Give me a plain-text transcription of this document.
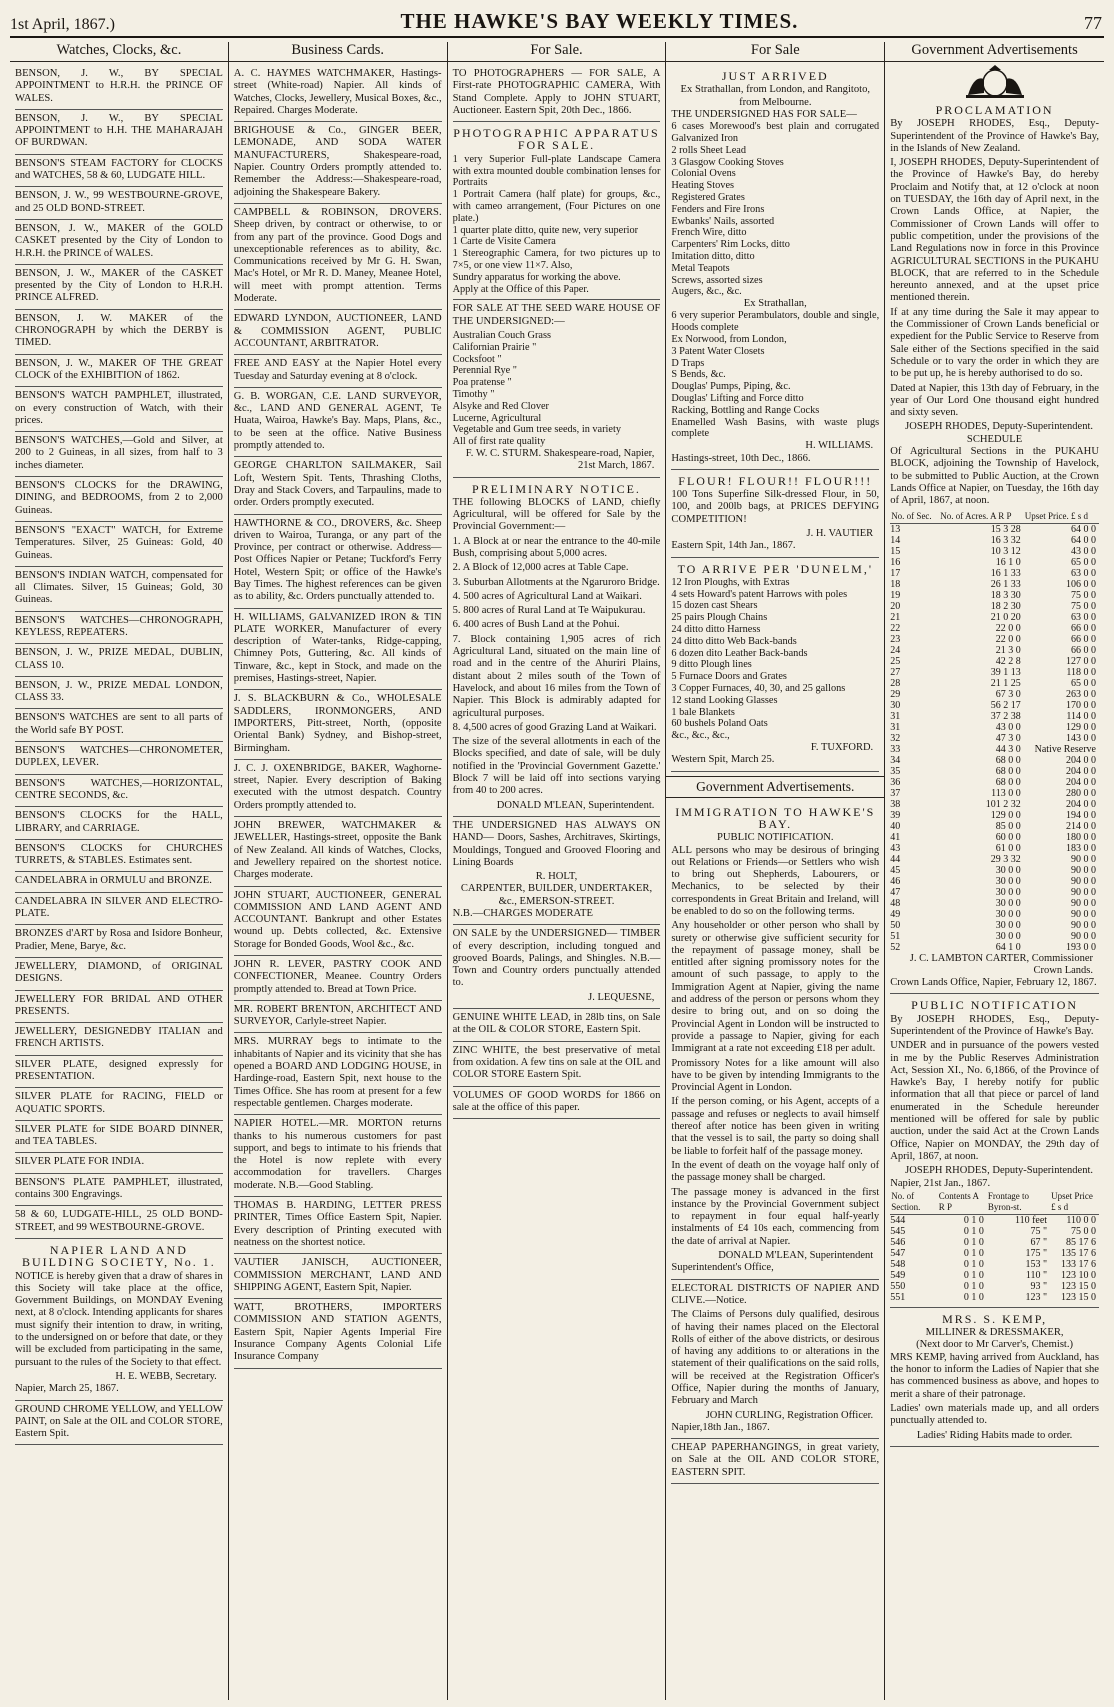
1st April, 1867.)	THE HAWKE'S BAY WEEKLY TIMES.	77
Watches, Clocks, &c.
BENSON, J. W., BY SPECIAL APPOINTMENT to H.R.H. the PRINCE OF WALES.
BENSON, J. W., BY SPECIAL APPOINTMENT to H.H. THE MAHARAJAH OF BURDWAN.
BENSON'S STEAM FACTORY for CLOCKS and WATCHES, 58 & 60, LUDGATE HILL.
BENSON, J. W., 99 WESTBOURNE-GROVE, and 25 OLD BOND-STREET.
BENSON, J. W., MAKER of the GOLD CASKET presented by the City of London to H.R.H. the PRINCE of WALES.
BENSON, J. W., MAKER of the CASKET presented by the City of London to H.R.H. PRINCE ALFRED.
BENSON, J. W. MAKER of the CHRONOGRAPH by which the DERBY is TIMED.
BENSON, J. W., MAKER OF THE GREAT CLOCK of the EXHIBITION of 1862.
BENSON'S WATCH PAMPHLET, illustrated, on every construction of Watch, with their prices.
BENSON'S WATCHES,—Gold and Silver, at 200 to 2 Guineas, in all sizes, from half to 3 inches diameter.
BENSON'S CLOCKS for the DRAWING, DINING, and BEDROOMS, from 2 to 2,000 Guineas.
BENSON'S "EXACT" WATCH, for Extreme Temperatures. Silver, 25 Guineas: Gold, 40 Guineas.
BENSON'S INDIAN WATCH, compensated for all Climates. Silver, 15 Guineas; Gold, 30 Guineas.
BENSON'S WATCHES—CHRONOGRAPH, KEYLESS, REPEATERS.
BENSON, J. W., PRIZE MEDAL, DUBLIN, CLASS 10.
BENSON, J. W., PRIZE MEDAL LONDON, CLASS 33.
BENSON'S WATCHES are sent to all parts of the World safe BY POST.
BENSON'S WATCHES—CHRONOMETER, DUPLEX, LEVER.
BENSON'S WATCHES,—HORIZONTAL, CENTRE SECONDS, &c.
BENSON'S CLOCKS for the HALL, LIBRARY, and CARRIAGE.
BENSON'S CLOCKS for CHURCHES TURRETS, & STABLES. Estimates sent.
CANDELABRA in ORMULU and BRONZE.
CANDELABRA IN SILVER AND ELECTRO-PLATE.
BRONZES d'ART by Rosa and Isidore Bonheur, Pradier, Mene, Barye, &c.
JEWELLERY, DIAMOND, of ORIGINAL DESIGNS.
JEWELLERY FOR BRIDAL AND OTHER PRESENTS.
JEWELLERY, DESIGNEDBY ITALIAN and FRENCH ARTISTS.
SILVER PLATE, designed expressly for PRESENTATION.
SILVER PLATE for RACING, FIELD or AQUATIC SPORTS.
SILVER PLATE for SIDE BOARD DINNER, and TEA TABLES.
SILVER PLATE FOR INDIA.
BENSON'S PLATE PAMPHLET, illustrated, contains 300 Engravings.
58 & 60, LUDGATE-HILL, 25 OLD BOND-STREET, and 99 WESTBOURNE-GROVE.
NAPIER LAND AND BUILDING SOCIETY, No. 1.
NOTICE is hereby given that a draw of shares in this Society will take place at the office, Government Buildings, on MONDAY Evening next, at 8 o'clock. Intending applicants for shares must signify their intention to draw, in writing, to the undersigned on or before that date, or they will be excluded from participating in the same, pursuant to the rules of the Society to that effect.
H. E. WEBB, Secretary.
Napier, March 25, 1867.
GROUND CHROME YELLOW, and YELLOW PAINT, on Sale at the OIL and COLOR STORE, Eastern Spit.
Business Cards.
A. C. HAYMES WATCHMAKER, Hastings-street (White-road) Napier. All kinds of Watches, Clocks, Jewellery, Musical Boxes, &c., Repaired. Charges Moderate.
BRIGHOUSE & Co., GINGER BEER, LEMONADE, AND SODA WATER MANUFACTURERS, Shakespeare-road, Napier. Country Orders promptly attended to. Remember the Address:—Shakespeare-road, adjoining the Shakespeare Bakery.
CAMPBELL & ROBINSON, DROVERS. Sheep driven, by contract or otherwise, to or from any part of the province. Good Dogs and unexceptionable references as to ability, &c. Communications received by Mr G. H. Swan, Mac's Hotel, or Mr R. D. Maney, Meanee Hotel, will meet with prompt attention. Terms Moderate.
EDWARD LYNDON, AUCTIONEER, LAND & COMMISSION AGENT, PUBLIC ACCOUNTANT, ARBITRATOR.
FREE AND EASY at the Napier Hotel every Tuesday and Saturday evening at 8 o'clock.
G. B. WORGAN, C.E. LAND SURVEYOR, &c., LAND AND GENERAL AGENT, Te Huata, Wairoa, Hawke's Bay. Maps, Plans, &c., to be seen at the office. Native Business promptly attended to.
GEORGE CHARLTON SAILMAKER, Sail Loft, Western Spit. Tents, Thrashing Cloths, Dray and Stack Covers, and Tarpaulins, made to order. Orders promptly executed.
HAWTHORNE & CO., DROVERS, &c. Sheep driven to Wairoa, Turanga, or any part of the Province, per contract or otherwise. Address—Post Offices Napier or Petane; Tuckford's Ferry Hotel, Western Spit; or office of the Hawke's Bay Times. The highest references can be given as to ability, &c. Orders punctually attended to.
H. WILLIAMS, GALVANIZED IRON & TIN PLATE WORKER, Manufacturer of every description of Water-tanks, Ridge-capping, Chimney Pots, Guttering, &c. All kinds of Tinware, &c., kept in Stock, and made on the premises, Hastings-street, Napier.
J. S. BLACKBURN & Co., WHOLESALE SADDLERS, IRONMONGERS, AND IMPORTERS, Pitt-street, North, (opposite Oriental Bank) Sydney, and Bishop-street, Birmingham.
J. C. J. OXENBRIDGE, BAKER, Waghorne-street, Napier. Every description of Baking executed with the utmost despatch. Country Orders promptly attended to.
JOHN BREWER, WATCHMAKER & JEWELLER, Hastings-street, opposite the Bank of New Zealand. All kinds of Watches, Clocks, and Jewellery repaired on the shortest notice. Charges moderate.
JOHN STUART, AUCTIONEER, GENERAL COMMISSION AND LAND AGENT AND ACCOUNTANT. Bankrupt and other Estates wound up. Debts collected, &c. Extensive Storage for Bonded Goods, Wool &c., &c.
JOHN R. LEVER, PASTRY COOK AND CONFECTIONER, Meanee. Country Orders promptly attended to. Bread at Town Price.
MR. ROBERT BRENTON, ARCHITECT AND SURVEYOR, Carlyle-street Napier.
MRS. MURRAY begs to intimate to the inhabitants of Napier and its vicinity that she has opened a BOARD AND LODGING HOUSE, in Hardinge-road, Eastern Spit, next house to the Times Office. She has room at present for a few respectable gentlemen. Charges moderate.
NAPIER HOTEL.—MR. MORTON returns thanks to his numerous customers for past support, and begs to intimate to his friends that the Hotel is now replete with every accommodation for travellers. Charges moderate. N.B.—Good Stabling.
THOMAS B. HARDING, LETTER PRESS PRINTER, Times Office Eastern Spit, Napier. Every description of Printing executed with neatness on the shortest notice.
VAUTIER JANISCH, AUCTIONEER, COMMISSION MERCHANT, LAND AND SHIPPING AGENT, Eastern Spit, Napier.
WATT, BROTHERS, IMPORTERS COMMISSION AND STATION AGENTS, Eastern Spit, Napier Agents Imperial Fire Insurance Company Agents Colonial Life Insurance Company
For Sale.
TO PHOTOGRAPHERS — FOR SALE, A First-rate PHOTOGRAPHIC CAMERA, With Stand Complete. Apply to JOHN STUART, Auctioneer. Eastern Spit, 20th Dec., 1866.
PHOTOGRAPHIC APPARATUS FOR SALE.
1 very Superior Full-plate Landscape Camera with extra mounted double combination lenses for Portraits
1 Portrait Camera (half plate) for groups, &c., with cameo arrangement, (Four Pictures on one plate.)
1 quarter plate ditto, quite new, very superior
1 Carte de Visite Camera
1 Stereographic Camera, for two pictures up to 7×5, or one view 11×7. Also,
Sundry apparatus for working the above.
Apply at the Office of this Paper.
FOR SALE AT THE SEED WARE HOUSE OF THE UNDERSIGNED:—
Australian Couch Grass
Californian Prairie "
Cocksfoot "
Perennial Rye "
Poa pratense "
Timothy "
Alsyke and Red Clover
Lucerne, Agricultural
Vegetable and Gum tree seeds, in variety
All of first rate quality
F. W. C. STURM. Shakespeare-road, Napier, 21st March, 1867.
PRELIMINARY NOTICE.
THE following BLOCKS of LAND, chiefly Agricultural, will be offered for Sale by the Provincial Government:—
1. A Block at or near the entrance to the 40-mile Bush, comprising about 5,000 acres.
2. A Block of 12,000 acres at Table Cape.
3. Suburban Allotments at the Ngaruroro Bridge.
4. 500 acres of Agricultural Land at Waikari.
5. 800 acres of Rural Land at Te Waipukurau.
6. 400 acres of Bush Land at the Pohui.
7. Block containing 1,905 acres of rich Agricultural Land, situated on the main line of road and in the centre of the Ahuriri Plains, distant about 2 miles south of the Town of Havelock, and about 16 miles from the Town of Napier. This Block is admirably adapted for agricultural purposes.
8. 4,500 acres of good Grazing Land at Waikari.
The size of the several allotments in each of the Blocks specified, and date of sale, will be duly notified in the 'Provincial Government Gazette.' Block 7 will be laid off into sections varying from 40 to 200 acres.
DONALD M'LEAN, Superintendent.
THE UNDERSIGNED HAS ALWAYS ON HAND— Doors, Sashes, Architraves, Skirtings, Mouldings, Tongued and Grooved Flooring and Lining Boards
R. HOLT,
CARPENTER, BUILDER, UNDERTAKER, &c., EMERSON-STREET.
N.B.—CHARGES MODERATE
ON SALE by the UNDERSIGNED— TIMBER of every description, including tongued and grooved Boards, Palings, and Shingles. N.B.—Town and Country orders punctually attended to.
J. LEQUESNE,
GENUINE WHITE LEAD, in 28lb tins, on Sale at the OIL & COLOR STORE, Eastern Spit.
ZINC WHITE, the best preservative of metal from oxidation. A few tins on sale at the OIL and COLOR STORE Eastern Spit.
VOLUMES OF GOOD WORDS for 1866 on sale at the office of this paper.
For Sale
JUST ARRIVED
Ex Strathallan, from London, and Rangitoto, from Melbourne.
THE UNDERSIGNED HAS FOR SALE—
6 cases Morewood's best plain and corrugated Galvanized Iron
2 rolls Sheet Lead
3 Glasgow Cooking Stoves
Colonial Ovens
Heating Stoves
Registered Grates
Fenders and Fire Irons
Ewbanks' Nails, assorted
French Wire, ditto
Carpenters' Rim Locks, ditto
Imitation ditto, ditto
Metal Teapots
Screws, assorted sizes
Augers, &c., &c.
Ex Strathallan,
6 very superior Perambulators, double and single, Hoods complete
Ex Norwood, from London,
3 Patent Water Closets
D Traps
S Bends, &c.
Douglas' Pumps, Piping, &c.
Douglas' Lifting and Force ditto
Racking, Bottling and Range Cocks
Enamelled Wash Basins, with waste plugs complete
H. WILLIAMS.
Hastings-street, 10th Dec., 1866.
FLOUR! FLOUR!! FLOUR!!!
100 Tons Superfine Silk-dressed Flour, in 50, 100, and 200lb bags, at PRICES DEFYING COMPETITION!
J. H. VAUTIER
Eastern Spit, 14th Jan., 1867.
TO ARRIVE PER 'DUNELM,'
12 Iron Ploughs, with Extras
4 sets Howard's patent Harrows with poles
15 dozen cast Shears
25 pairs Plough Chains
24 ditto ditto Harness
24 ditto ditto Web Back-bands
6 dozen dito Leather Back-bands
9 ditto Plough lines
5 Furnace Doors and Grates
3 Copper Furnaces, 40, 30, and 25 gallons
12 stand Looking Glasses
1 bale Blankets
60 bushels Poland Oats
&c., &c., &c.,
F. TUXFORD.
Western Spit, March 25.
Government Advertisements.
IMMIGRATION TO HAWKE'S BAY.
PUBLIC NOTIFICATION.
ALL persons who may be desirous of bringing out Relations or Friends—or Settlers who wish to bring out Shepherds, Labourers, or Mechanics, to be selected by their correspondents in Great Britain and Ireland, will be enabled to do so on the following terms.
Any householder or other person who shall by surety or otherwise give sufficient security for the repayment of passage money, shall be entitled after signing promissory notes for the amount of such passage, to apply to the Immigration Agent at Napier, giving the name and address of the person or persons whom they desire to bring out, and on so doing the Provincial Agent in London will be instructed to provide a passage to Napier, giving for each Immigrant at a rate not exceeding £18 per adult.
Promissory Notes for a like amount will also have to be given by intending Immigrants to the Provincial Agent in London.
If the person coming, or his Agent, accepts of a passage and refuses or neglects to avail himself thereof after notice has been given in writing that the vessel is to sail, the party so doing shall be liable to forfeit half of the passage money.
In the event of death on the voyage half only of the passage money shall be charged.
The passage money is advanced in the first instance by the Provincial Government subject to repayment in four equal half-yearly instalments of £4 10s each, commencing from the date of arrival at Napier.
DONALD M'LEAN, Superintendent
Superintendent's Office,
ELECTORAL DISTRICTS OF NAPIER AND CLIVE.—Notice.
The Claims of Persons duly qualified, desirous of having their names placed on the Electoral Rolls of either of the above districts, or desirous of having any additions to or alterations in the statement of their qualifications on the said rolls, will be received at the Registration Officer's Office, Napier during the months of January, February and March
JOHN CURLING, Registration Officer.
Napier,18th Jan., 1867.
CHEAP PAPERHANGINGS, in great variety, on Sale at the OIL AND COLOR STORE, EASTERN SPIT.
Government Advertisements
PROCLAMATION
By JOSEPH RHODES, Esq., Deputy-Superintendent of the Province of Hawke's Bay, in the Islands of New Zealand.
I, JOSEPH RHODES, Deputy-Superintendent of the Province of Hawke's Bay, do hereby Proclaim and Notify that, at 12 o'clock at noon on TUESDAY, the 16th day of April next, in the Crown Lands Office, at Napier, the Commissioner of Crown Lands will offer to public competition, under the provisions of the Land Regulations now in force in this Province AGRICULTURAL SECTIONS in the PUKAHU BLOCK, that are referred to in the Schedule hereunto annexed, and at the upset price mentioned therein.
If at any time during the Sale it may appear to the Commissioner of Crown Lands beneficial or expedient for the Public Service to Reserve from Sale either of the Sections specified in the said Schedule or to vary the order in which they are to be put up, he is hereby authorised to do so.
Dated at Napier, this 13th day of February, in the year of Our Lord One thousand eight hundred and sixty seven.
JOSEPH RHODES, Deputy-Superintendent.
SCHEDULE
Of Agricultural Sections in the PUKAHU BLOCK, adjoining the Township of Havelock, to be submitted to Public Auction, at the Crown Lands Office at Napier, on Tuesday, the 16th day of April, 1867, at noon.
No. of Sec.	No. of Acres. A R P	Upset Price. £ s d
13	15 3 28	64 0 0
14	16 3 32	64 0 0
15	10 3 12	43 0 0
16	16 1 0	65 0 0
17	16 1 33	63 0 0
18	26 1 33	106 0 0
19	18 3 30	75 0 0
20	18 2 30	75 0 0
21	21 0 20	63 0 0
22	22 0 0	66 0 0
23	22 0 0	66 0 0
24	21 3 0	66 0 0
25	42 2 8	127 0 0
27	39 1 13	118 0 0
28	21 1 25	65 0 0
29	67 3 0	263 0 0
30	56 2 17	170 0 0
31	37 2 38	114 0 0
31	43 0 0	129 0 0
32	47 3 0	143 0 0
33	44 3 0	Native Reserve
34	68 0 0	204 0 0
35	68 0 0	204 0 0
36	68 0 0	204 0 0
37	113 0 0	280 0 0
38	101 2 32	204 0 0
39	129 0 0	194 0 0
40	85 0 0	214 0 0
41	60 0 0	180 0 0
43	61 0 0	183 0 0
44	29 3 32	90 0 0
45	30 0 0	90 0 0
46	30 0 0	90 0 0
47	30 0 0	90 0 0
48	30 0 0	90 0 0
49	30 0 0	90 0 0
50	30 0 0	90 0 0
51	30 0 0	90 0 0
52	64 1 0	193 0 0
J. C. LAMBTON CARTER, Commissioner Crown Lands.
Crown Lands Office, Napier, February 12, 1867.
PUBLIC NOTIFICATION
By JOSEPH RHODES, Esq., Deputy-Superintendent of the Province of Hawke's Bay.
UNDER and in pursuance of the powers vested in me by the Public Reserves Administration Act, Session XI., No. 6,1866, of the Province of Hawke's Bay, I hereby notify for public information that all that piece or parcel of land enumerated in the Schedule hereunder mentioned will be offered for sale by public auction, under the said Act at the Crown Lands Office, Napier on MONDAY, the 29th day of April, 1867, at noon.
JOSEPH RHODES, Deputy-Superintendent.
Napier, 21st Jan., 1867.
No. of Section.	Contents A R P	Frontage to Byron-st.	Upset Price £ s d
544	0 1 0	110 feet	110 0 0
545	0 1 0	75 "	75 0 0
546	0 1 0	67 "	85 17 6
547	0 1 0	175 "	135 17 6
548	0 1 0	153 "	133 17 6
549	0 1 0	110 "	123 10 0
550	0 1 0	93 "	123 15 0
551	0 1 0	123 "	123 15 0
MRS. S. KEMP,
MILLINER & DRESSMAKER,
(Next door to Mr Carver's, Chemist.)
MRS KEMP, having arrived from Auckland, has the honor to inform the Ladies of Napier that she has commenced business as above, and hopes to merit a share of their patronage.
Ladies' own materials made up, and all orders punctually attended to.
Ladies' Riding Habits made to order.
